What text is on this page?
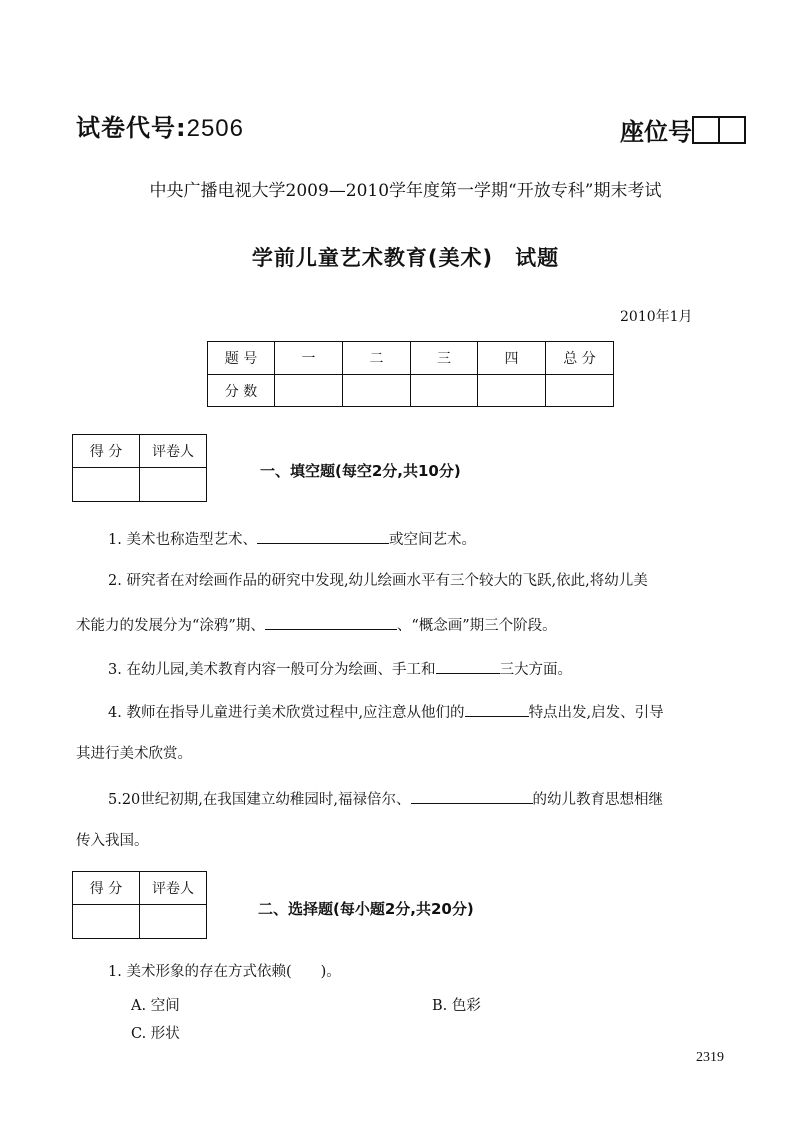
试卷代号:2506	座位号
中央广播电视大学2009—2010学年度第一学期“开放专科”期末考试
学前儿童艺术教育(美术) 试题
2010年1月
题 号	一	二	三	四	总 分
分 数					
得 分	评卷人

一、填空题(每空2分,共10分)
1. 美术也称造型艺术、	或空间艺术。
2. 研究者在对绘画作品的研究中发现,幼儿绘画水平有三个较大的飞跃,依此,将幼儿美
术能力的发展分为“涂鸦”期、	、“概念画”期三个阶段。
3. 在幼儿园,美术教育内容一般可分为绘画、手工和	三大方面。
4. 教师在指导儿童进行美术欣赏过程中,应注意从他们的	特点出发,启发、引导
其进行美术欣赏。
5.20世纪初期,在我国建立幼稚园时,福禄倍尔、	的幼儿教育思想相继
传入我国。
得 分	评卷人

二、选择题(每小题2分,共20分)
1. 美术形象的存在方式依赖(　　)。
A. 空间	B. 色彩
C. 形状
2319
